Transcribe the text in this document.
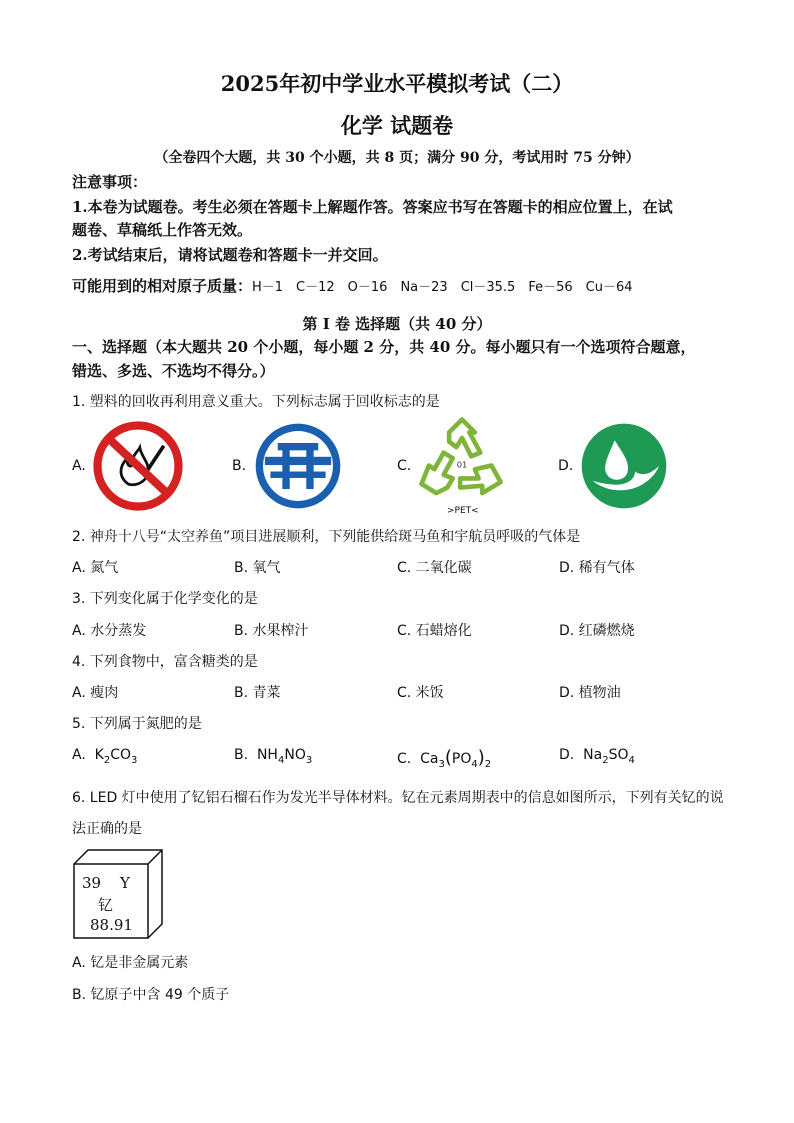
2025年初中学业水平模拟考试（二）
化学 试题卷
（全卷四个大题，共 30 个小题，共 8 页；满分 90 分，考试用时 75 分钟）
注意事项：
1.本卷为试题卷。考生必须在答题卡上解题作答。答案应书写在答题卡的相应位置上，在试
题卷、草稿纸上作答无效。
2.考试结束后，请将试题卷和答题卡一并交回。
可能用到的相对原子质量：H－1　C－12　O－16　Na－23　Cl－35.5　Fe－56　Cu－64
第 I 卷 选择题（共 40 分）
一、选择题（本大题共 20 个小题，每小题 2 分，共 40 分。每小题只有一个选项符合题意，
错选、多选、不选均不得分。）
1. 塑料的回收再利用意义重大。下列标志属于回收标志的是
A.	B.	C.	01
>PET<
D.
2. 神舟十八号“太空养鱼”项目进展顺利，下列能供给斑马鱼和宇航员呼吸的气体是
A. 氮气	B. 氧气	C. 二氧化碳	D. 稀有气体
3. 下列变化属于化学变化的是
A. 水分蒸发	B. 水果榨汁	C. 石蜡熔化	D. 红磷燃烧
4. 下列食物中，富含糖类的是
A. 瘦肉	B. 青菜	C. 米饭	D. 植物油
5. 下列属于氮肥的是
A.  $K_2CO_3$	B.  $NH_4NO_3$	C.  $Ca_3(PO_4)_2$
D.  $Na_2SO_4$
6. LED 灯中使用了钇铝石榴石作为发光半导体材料。钇在元素周期表中的信息如图所示，下列有关钇的说
法正确的是
39 Y
钇
88.91
A. 钇是非金属元素
B. 钇原子中含 49 个质子
